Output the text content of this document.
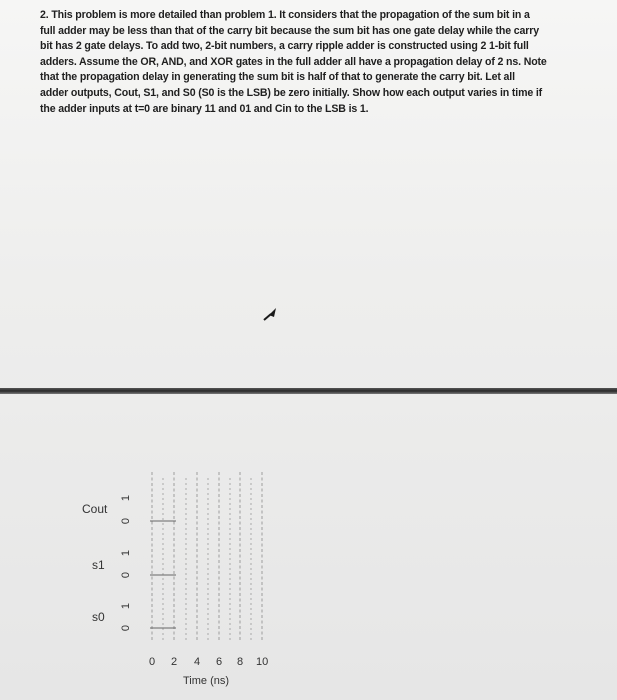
2. This problem is more detailed than problem 1. It considers that the propagation of the sum bit in a
full adder may be less than that of the carry bit because the sum bit has one gate delay while the carry
bit has 2 gate delays. To add two, 2-bit numbers, a carry ripple adder is constructed using 2 1-bit full
adders. Assume the OR, AND, and XOR gates in the full adder all have a propagation delay of 2 ns. Note
that the propagation delay in generating the sum bit is half of that to generate the carry bit. Let all
adder outputs, Cout, S1, and S0 (S0 is the LSB) be zero initially. Show how each output varies in time if
the adder inputs at t=0 are binary 11 and 01 and Cin to the LSB is 1.
Cout
1
0
s1
1
0
s0
1
0
0 2 4 6 8 10
Time (ns)
